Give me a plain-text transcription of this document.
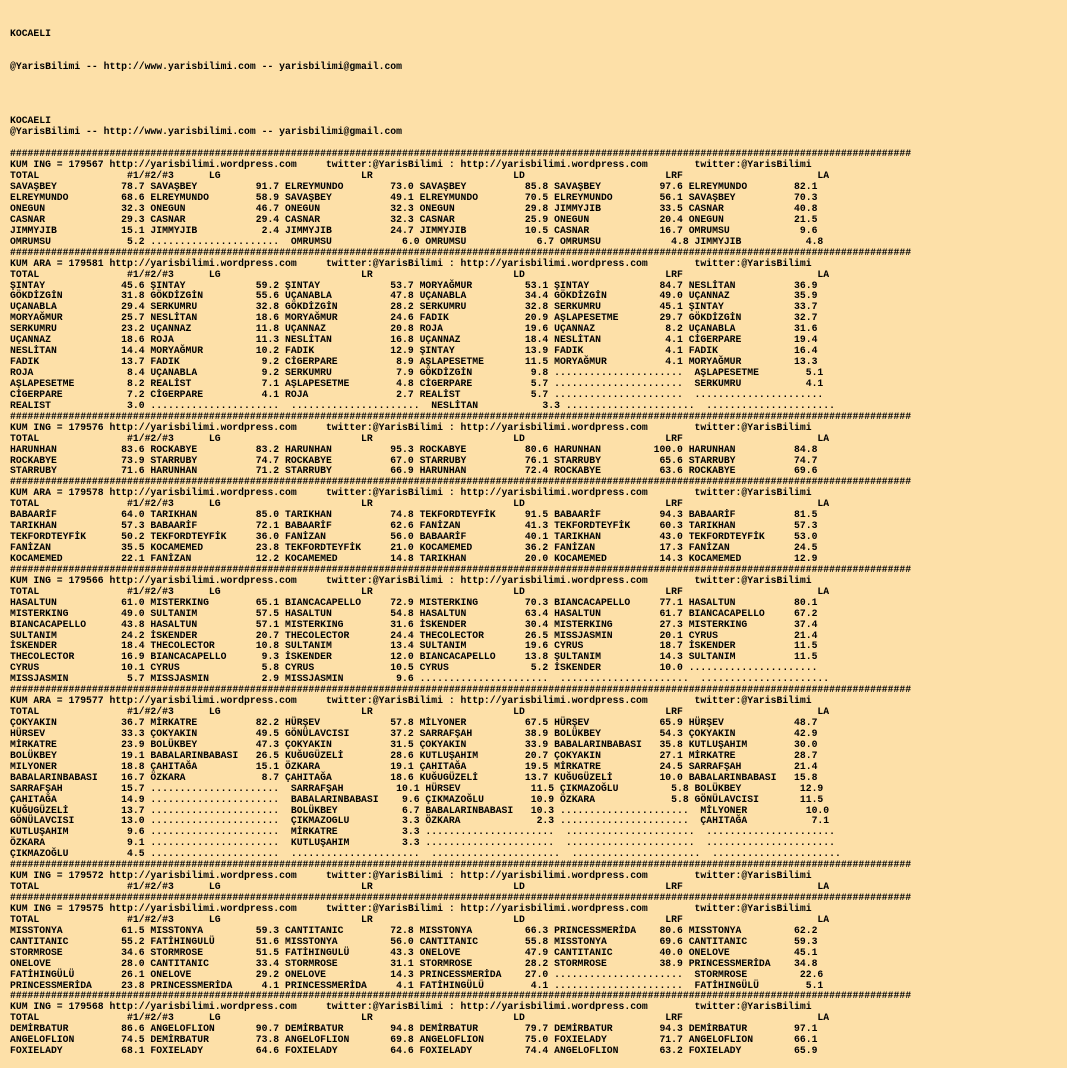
KOCAELI

@YarisBilimi -- http://www.yarisbilimi.com -- yarisbilimi@gmail.com

KOCAELI
@YarisBilimi -- http://www.yarisbilimi.com -- yarisbilimi@gmail.com
##########################################################################################################################################################
KUM ING = 179567 http://yarisbilimi.wordpress.com     twitter:@YarisBilimi : http://yarisbilimi.wordpress.com        twitter:@YarisBilimi
TOTAL               #1/#2/#3      LG                        LR                        LD                        LRF                       LA
SAVAŞBEY           78.7 SAVAŞBEY          91.7 ELREYMUNDO        73.0 SAVAŞBEY          85.8 SAVAŞBEY          97.6 ELREYMUNDO        82.1
ELREYMUNDO         68.6 ELREYMUNDO        58.9 SAVAŞBEY          49.1 ELREYMUNDO        70.5 ELREYMUNDO        56.1 SAVAŞBEY          70.3
ONEGUN             32.3 ONEGUN            46.7 ONEGUN            32.3 ONEGUN            29.8 JIMMYJIB          33.5 CASNAR            40.8
CASNAR             29.3 CASNAR            29.4 CASNAR            32.3 CASNAR            25.9 ONEGUN            20.4 ONEGUN            21.5
JIMMYJIB           15.1 JIMMYJIB           2.4 JIMMYJIB          24.7 JIMMYJIB          10.5 CASNAR            16.7 OMRUMSU            9.6
OMRUMSU             5.2 ......................  OMRUMSU            6.0 OMRUMSU            6.7 OMRUMSU            4.8 JIMMYJIB           4.8
##########################################################################################################################################################
KUM ARA = 179581 http://yarisbilimi.wordpress.com     twitter:@YarisBilimi : http://yarisbilimi.wordpress.com        twitter:@YarisBilimi
TOTAL               #1/#2/#3      LG                        LR                        LD                        LRF                       LA
ŞINTAY             45.6 ŞINTAY            59.2 ŞINTAY            53.7 MORYAĞMUR         53.1 ŞINTAY            84.7 NESLİTAN          36.9
GÖKDİZGİN          31.8 GÖKDİZGİN         55.6 UÇANABLA          47.8 UÇANABLA          34.4 GÖKDİZGİN         49.0 UÇANNAZ           35.9
UÇANABLA           29.4 SERKUMRU          32.8 GÖKDİZGİN         28.2 SERKUMRU          32.8 SERKUMRU          45.1 ŞINTAY            33.7
MORYAĞMUR          25.7 NESLİTAN          18.6 MORYAĞMUR         24.6 FADIK             20.9 AŞLAPESETME       29.7 GÖKDİZGİN         32.7
SERKUMRU           23.2 UÇANNAZ           11.8 UÇANNAZ           20.8 ROJA              19.6 UÇANNAZ            8.2 UÇANABLA          31.6
UÇANNAZ            18.6 ROJA              11.3 NESLİTAN          16.8 UÇANNAZ           18.4 NESLİTAN           4.1 CİGERPARE         19.4
NESLİTAN           14.4 MORYAĞMUR         10.2 FADIK             12.9 ŞINTAY            13.9 FADIK              4.1 FADIK             16.4
FADIK              13.7 FADIK              9.2 CİGERPARE          8.9 AŞLAPESETME       11.5 MORYAĞMUR          4.1 MORYAĞMUR         13.3
ROJA                8.4 UÇANABLA           9.2 SERKUMRU           7.9 GÖKDİZGİN          9.8 ......................  AŞLAPESETME        5.1
AŞLAPESETME         8.2 REALİST            7.1 AŞLAPESETME        4.8 CİGERPARE          5.7 ......................  SERKUMRU           4.1
CİGERPARE           7.2 CİGERPARE          4.1 ROJA               2.7 REALİST            5.7 ......................  ......................
REALIST             3.0 ......................  ......................  NESLİTAN           3.3 ......................  ......................
##########################################################################################################################################################
KUM ING = 179576 http://yarisbilimi.wordpress.com     twitter:@YarisBilimi : http://yarisbilimi.wordpress.com        twitter:@YarisBilimi
TOTAL               #1/#2/#3      LG                        LR                        LD                        LRF                       LA
HARUNHAN           83.6 ROCKABYE          83.2 HARUNHAN          95.3 ROCKABYE          80.6 HARUNHAN         100.0 HARUNHAN          84.8
ROCKABYE           73.9 STARRUBY          74.7 ROCKABYE          67.0 STARRUBY          76.1 STARRUBY          65.6 STARRUBY          74.7
STARRUBY           71.6 HARUNHAN          71.2 STARRUBY          66.9 HARUNHAN          72.4 ROCKABYE          63.6 ROCKABYE          69.6
##########################################################################################################################################################
KUM ARA = 179578 http://yarisbilimi.wordpress.com     twitter:@YarisBilimi : http://yarisbilimi.wordpress.com        twitter:@YarisBilimi
TOTAL               #1/#2/#3      LG                        LR                        LD                        LRF                       LA
BABAARİF           64.0 TARIKHAN          85.0 TARIKHAN          74.8 TEKFORDTEYFİK     91.5 BABAARİF          94.3 BABAARİF          81.5
TARIKHAN           57.3 BABAARİF          72.1 BABAARİF          62.6 FANİZAN           41.3 TEKFORDTEYFİK     60.3 TARIKHAN          57.3
TEKFORDTEYFİK      50.2 TEKFORDTEYFİK     36.0 FANİZAN           56.0 BABAARİF          40.1 TARIKHAN          43.0 TEKFORDTEYFİK     53.0
FANİZAN            35.5 KOCAMEMED         23.8 TEKFORDTEYFİK     21.0 KOCAMEMED         36.2 FANİZAN           17.3 FANİZAN           24.5
KOCAMEMED          22.1 FANİZAN           12.2 KOCAMEMED         14.8 TARIKHAN          20.0 KOCAMEMED         14.3 KOCAMEMED         12.9
##########################################################################################################################################################
KUM ING = 179566 http://yarisbilimi.wordpress.com     twitter:@YarisBilimi : http://yarisbilimi.wordpress.com        twitter:@YarisBilimi
TOTAL               #1/#2/#3      LG                        LR                        LD                        LRF                       LA
HASALTUN           61.0 MISTERKING        65.1 BIANCACAPELLO     72.9 MISTERKING        70.3 BIANCACAPELLO     77.1 HASALTUN          80.1
MISTERKING         49.0 SULTANIM          57.5 HASALTUN          54.8 HASALTUN          63.4 HASALTUN          61.7 BIANCACAPELLO     67.2
BIANCACAPELLO      43.8 HASALTUN          57.1 MISTERKING        31.6 İSKENDER          30.4 MISTERKING        27.3 MISTERKING        37.4
SULTANIM           24.2 İSKENDER          20.7 THECOLECTOR       24.4 THECOLECTOR       26.5 MISSJASMIN        20.1 CYRUS             21.4
İSKENDER           18.4 THECOLECTOR       10.8 SULTANIM          13.4 SULTANIM          19.6 CYRUS             18.7 İSKENDER          11.5
THECOLECTOR        16.9 BIANCACAPELLO      9.3 İSKENDER          12.0 BIANCACAPELLO     13.8 ŞULTANIM          14.3 SULTANIM          11.5
CYRUS              10.1 CYRUS              5.8 CYRUS             10.5 CYRUS              5.2 İSKENDER          10.0 ......................
MISSJASMIN          5.7 MISSJASMIN         2.9 MISSJASMIN         9.6 ......................  ......................  ......................
##########################################################################################################################################################
KUM ARA = 179577 http://yarisbilimi.wordpress.com     twitter:@YarisBilimi : http://yarisbilimi.wordpress.com        twitter:@YarisBilimi
TOTAL               #1/#2/#3      LG                        LR                        LD                        LRF                       LA
ÇOKYAKIN           36.7 MİRKATRE          82.2 HÜRŞEV            57.8 MİLYONER          67.5 HÜRŞEV            65.9 HÜRŞEV            48.7
HÜRSEV             33.3 ÇOKYAKIN          49.5 GÖNÜLAVCISI       37.2 SARRAFŞAH         38.9 BOLÜKBEY          54.3 ÇOKYAKIN          42.9
MİRKATRE           23.9 BOLÜKBEY          47.3 ÇOKYAKIN          31.5 ÇOKYAKIN          33.9 BABALARINBABASI   35.8 KUTLUŞAHIM        30.0
BOLÜKBEY           19.1 BABALARINBABASI   26.5 KUĞUGÜZELİ        28.6 KUTLUŞAHIM        20.7 ÇOKYAKIN          27.1 MİRKATRE          28.7
MILYONER           18.8 ÇAHITAĞA          15.1 ÖZKARA            19.1 ÇAHITAĞA          19.5 MİRKATRE          24.5 SARRAFŞAH         21.4
BABALARINBABASI    16.7 ÖZKARA             8.7 ÇAHITAĞA          18.6 KUĞUGÜZELİ        13.7 KUĞUGÜZELİ        10.0 BABALARINBABASI   15.8
SARRAFŞAH          15.7 ......................  SARRAFŞAH         10.1 HÜRSEV            11.5 ÇIKMAZOĞLU         5.8 BOLÜKBEY          12.9
ÇAHITAĞA           14.9 ......................  BABALARINBABASI    9.6 ÇIKMAZOĞLU        10.9 ÖZKARA             5.8 GÖNÜLAVCISI       11.5
KUĞUGÜZELİ         13.7 ......................  BOLÜKBEY           6.7 BABALARINBABASI   10.3 ......................  MİLYONER          10.0
GÖNÜLAVCISI        13.0 ......................  ÇIKMAZOGLU         3.3 ÖZKARA             2.3 ......................  ÇAHITAĞA           7.1
KUTLUŞAHIM          9.6 ......................  MİRKATRE           3.3 ......................  ......................  ......................
ÖZKARA              9.1 ......................  KUTLUŞAHIM         3.3 ......................  ......................  ......................
ÇIKMAZOĞLU          4.5 ......................  ......................  ......................  ......................  ......................
##########################################################################################################################################################
KUM ING = 179572 http://yarisbilimi.wordpress.com     twitter:@YarisBilimi : http://yarisbilimi.wordpress.com        twitter:@YarisBilimi
TOTAL               #1/#2/#3      LG                        LR                        LD                        LRF                       LA
##########################################################################################################################################################
KUM ING = 179575 http://yarisbilimi.wordpress.com     twitter:@YarisBilimi : http://yarisbilimi.wordpress.com        twitter:@YarisBilimi
TOTAL               #1/#2/#3      LG                        LR                        LD                        LRF                       LA
MISSTONYA          61.5 MISSTONYA         59.3 CANTITANIC        72.8 MISSTONYA         66.3 PRINCESSMERİDA    80.6 MISSTONYA         62.2
CANTITANIC         55.2 FATİHINGULÜ       51.6 MISSTONYA         56.0 CANTITANIC        55.8 MISSTONYA         69.6 CANTITANIC        59.3
STORMROSE          34.6 STORMROSE         51.5 FATİHINGULÜ       43.3 ONELOVE           47.9 CANTITANIC        40.0 ONELOVE           45.1
ONELOVE            28.0 CANTITANIC        33.4 STORMROSE         31.1 STORMROSE         28.2 STORMROSE         38.9 PRINCESSMERİDA    34.8
FATİHINGÜLÜ        26.1 ONELOVE           29.2 ONELOVE           14.3 PRINCESSMERİDA    27.0 ......................  STORMROSE         22.6
PRINCESSMERİDA     23.8 PRINCESSMERİDA     4.1 PRINCESSMERİDA     4.1 FATİHINGÜLÜ        4.1 ......................  FATİHINGÜLÜ        5.1
##########################################################################################################################################################
KUM ING = 179568 http://yarisbilimi.wordpress.com     twitter:@YarisBilimi : http://yarisbilimi.wordpress.com        twitter:@YarisBilimi
TOTAL               #1/#2/#3      LG                        LR                        LD                        LRF                       LA
DEMİRBATUR         86.6 ANGELOFLION       90.7 DEMİRBATUR        94.8 DEMİRBATUR        79.7 DEMİRBATUR        94.3 DEMİRBATUR        97.1
ANGELOFLION        74.5 DEMİRBATUR        73.8 ANGELOFLION       69.8 ANGELOFLION       75.0 FOXIELADY         71.7 ANGELOFLION       66.1
FOXIELADY          68.1 FOXIELADY         64.6 FOXIELADY         64.6 FOXIELADY         74.4 ANGELOFLION       63.2 FOXIELADY         65.9
